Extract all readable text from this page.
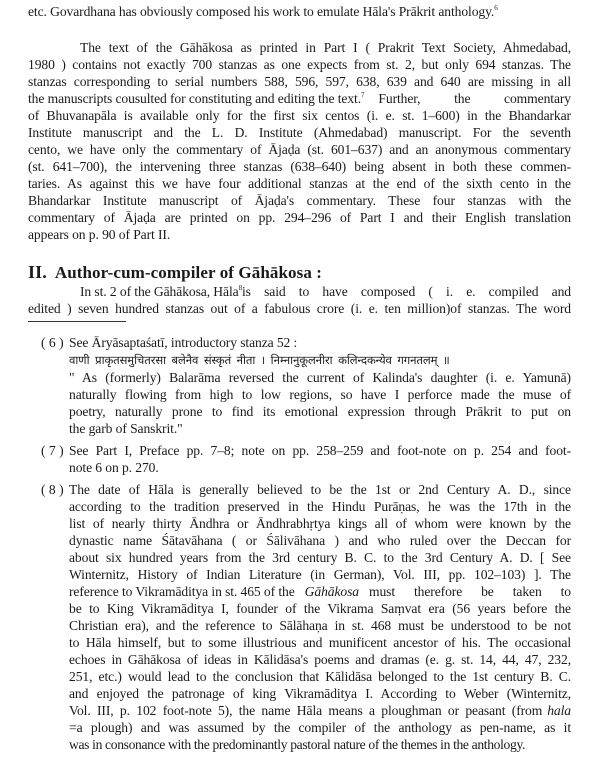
etc. Govardhana has obviously composed his work to emulate Hāla's Prākrit anthology.$^6$
The text of the Gāhākosa as printed in Part I ( Prakrit Text Society, Ahmedabad,
1980 ) contains not exactly 700 stanzas as one expects from st. 2, but only 694 stanzas. The
stanzas corresponding to serial numbers 588, 596, 597, 638, 639 and 640 are missing in all
the manuscripts cousulted for constituting and editing the text.$^7$ Further, the commentary
of Bhuvanapāla is available only for the first six centos (i. e. st. 1–600) in the Bhandarkar
Institute manuscript and the L. D. Institute (Ahmedabad) manuscript. For the seventh
cento, we have only the commentary of Ājaḍa (st. 601–637) and an anonymous commentary
(st. 641–700), the intervening three stanzas (638–640) being absent in both these commen-
taries. As against this we have four additional stanzas at the end of the sixth cento in the
Bhandarkar Institute manuscript of Ājaḍa's commentary. These four stanzas with the
commentary of Ājaḍa are printed on pp. 294–296 of Part I and their English translation
appears on p. 90 of Part II.
II. Author-cum-compiler of Gāhākosa :
In st. 2 of the Gāhākosa, Hāla$^8$ is said to have composed ( i. e. compiled and
edited ) seven hundred stanzas out of a fabulous crore (i. e. ten million)of stanzas. The word
( 6 ) See Āryāsaptaśatī, introductory stanza 52 :
वाणी प्राकृतसमुचितरसा बलेनैव संस्कृतं नीता । निम्नानुकूलनीरा कलिन्दकन्येव गगनतलम् ॥
" As (formerly) Balarāma reversed the current of Kalinda's daughter (i. e. Yamunā)
naturally flowing from high to low regions, so have I perforce made the muse of
poetry, naturally prone to find its emotional expression through Prākrit to put on
the garb of Sanskrit."
( 7 ) See Part I, Preface pp. 7–8; note on pp. 258–259 and foot-note on p. 254 and foot-
note 6 on p. 270.
( 8 ) The date of Hāla is generally believed to be the 1st or 2nd Century A. D., since
according to the tradition preserved in the Hindu Purāṇas, he was the 17th in the
list of nearly thirty Āndhra or Āndhrabhṛtya kings all of whom were known by the
dynastic name Śātavāhana ( or Śālivāhana ) and who ruled over the Deccan for
about six hundred years from the 3rd century B. C. to the 3rd Century A. D. [ See
Winternitz, History of Indian Literature (in German), Vol. III, pp. 102–103) ]. The
reference to Vikramāditya in st. 465 of the Gāhākosa must therefore be taken to
be to King Vikramāditya I, founder of the Vikrama Saṃvat era (56 years before the
Christian era), and the reference to Sālāhaṇa in st. 468 must be understood to be not
to Hāla himself, but to some illustrious and munificent ancestor of his. The occasional
echoes in Gāhākosa of ideas in Kālidāsa's poems and dramas (e. g. st. 14, 44, 47, 232,
251, etc.) would lead to the conclusion that Kālidāsa belonged to the 1st century B. C.
and enjoyed the patronage of king Vikramāditya I. According to Weber (Winternitz,
Vol. III, p. 102 foot-note 5), the name Hāla means a ploughman or peasant (from hala
=a plough) and was assumed by the compiler of the anthology as pen-name, as it
was in consonance with the predominantly pastoral nature of the themes in the anthology.
